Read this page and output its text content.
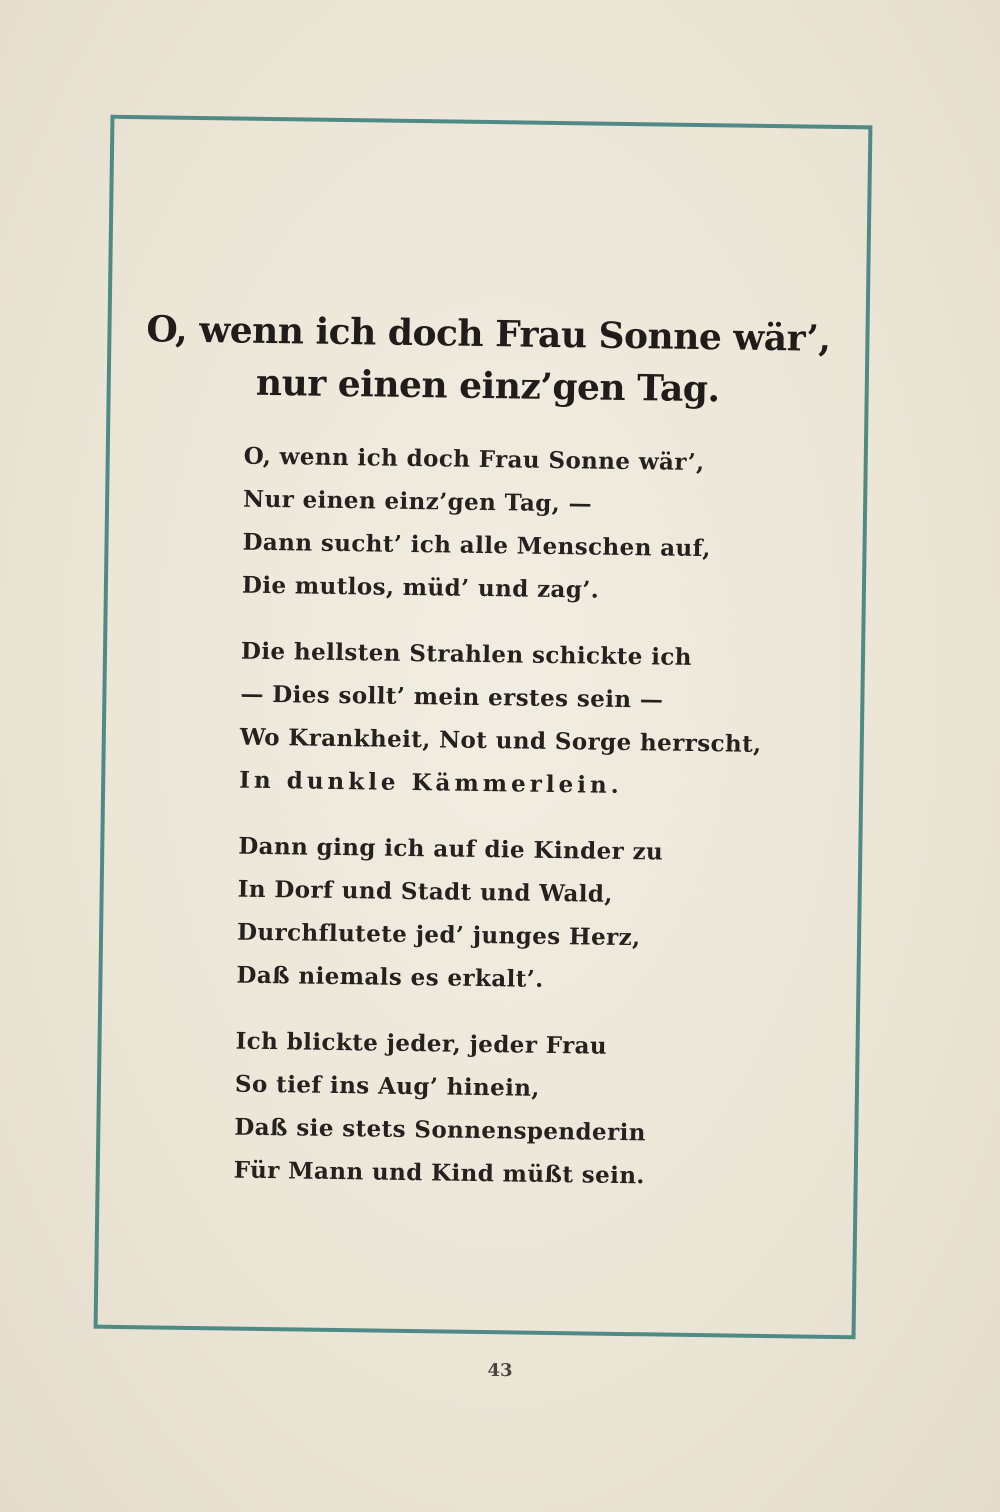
O, wenn ich doch Frau Sonne wär’,
nur einen einz’gen Tag.
O, wenn ich doch Frau Sonne wär’,
Nur einen einz’gen Tag, —
Dann sucht’ ich alle Menschen auf,
Die mutlos, müd’ und zag’.
Die hellsten Strahlen schickte ich
— Dies sollt’ mein erstes sein —
Wo Krankheit, Not und Sorge herrscht,
In dunkle Kämmerlein.
Dann ging ich auf die Kinder zu
In Dorf und Stadt und Wald,
Durchflutete jed’ junges Herz,
Daß niemals es erkalt’.
Ich blickte jeder, jeder Frau
So tief ins Aug’ hinein,
Daß sie stets Sonnenspenderin
Für Mann und Kind müßt sein.
43
